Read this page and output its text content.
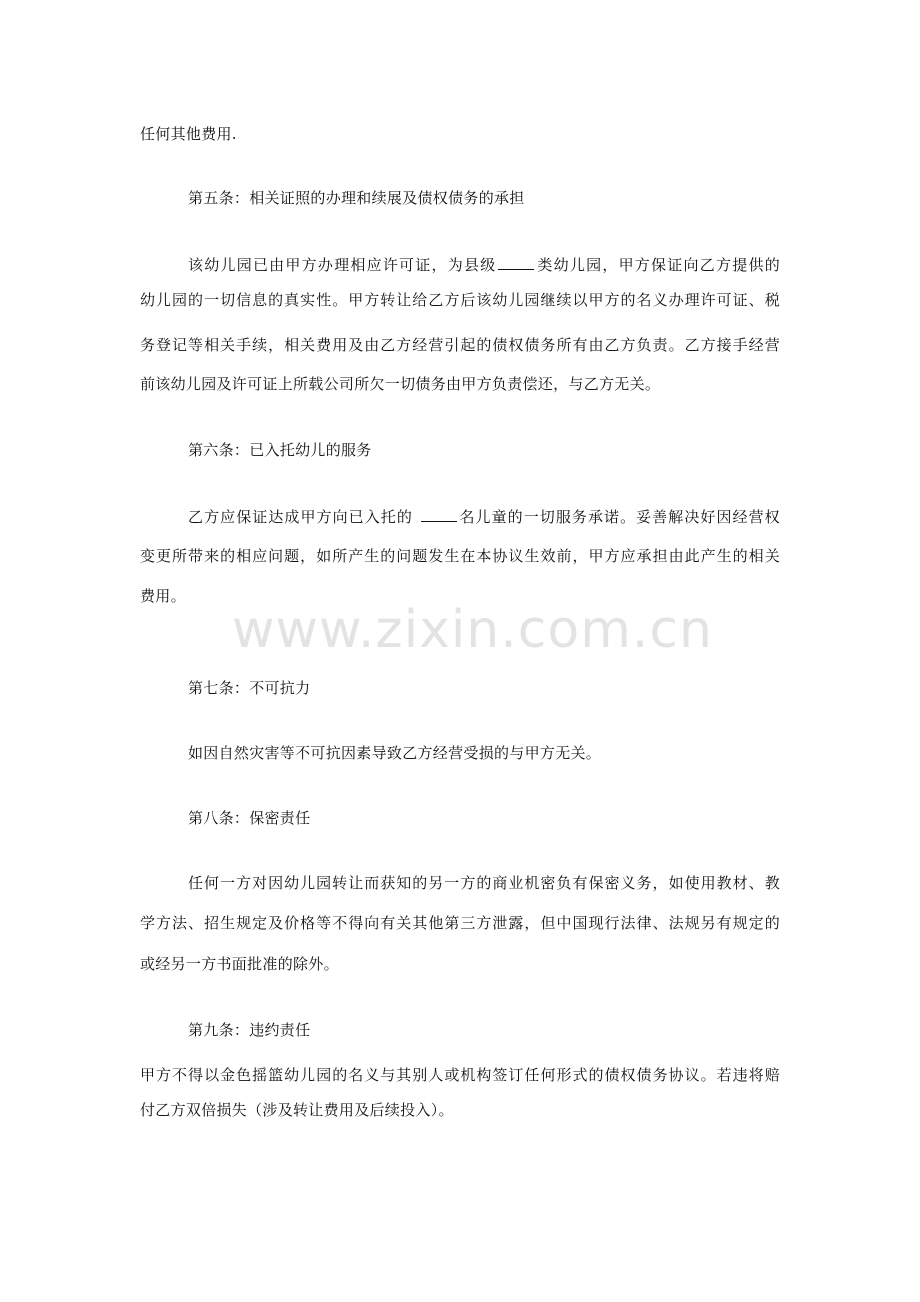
任何其他费用.
第五条：相关证照的办理和续展及债权债务的承担
该幼儿园已由甲方办理相应许可证，为县级	类幼儿园，甲方保证向乙方提供的
幼儿园的一切信息的真实性。甲方转让给乙方后该幼儿园继续以甲方的名义办理许可证、税
务登记等相关手续，相关费用及由乙方经营引起的债权债务所有由乙方负责。乙方接手经营
前该幼儿园及许可证上所载公司所欠一切债务由甲方负责偿还，与乙方无关。
第六条：已入托幼儿的服务
乙方应保证达成甲方向已入托的	名儿童的一切服务承诺。妥善解决好因经营权
变更所带来的相应问题，如所产生的问题发生在本协议生效前，甲方应承担由此产生的相关
费用。
www.zixin.com.cn
第七条：不可抗力
如因自然灾害等不可抗因素导致乙方经营受损的与甲方无关。
第八条：保密责任
任何一方对因幼儿园转让而获知的另一方的商业机密负有保密义务，如使用教材、教
学方法、招生规定及价格等不得向有关其他第三方泄露，但中国现行法律、法规另有规定的
或经另一方书面批准的除外。
第九条：违约责任
甲方不得以金色摇篮幼儿园的名义与其别人或机构签订任何形式的债权债务协议。若违将赔
付乙方双倍损失（涉及转让费用及后续投入）。
